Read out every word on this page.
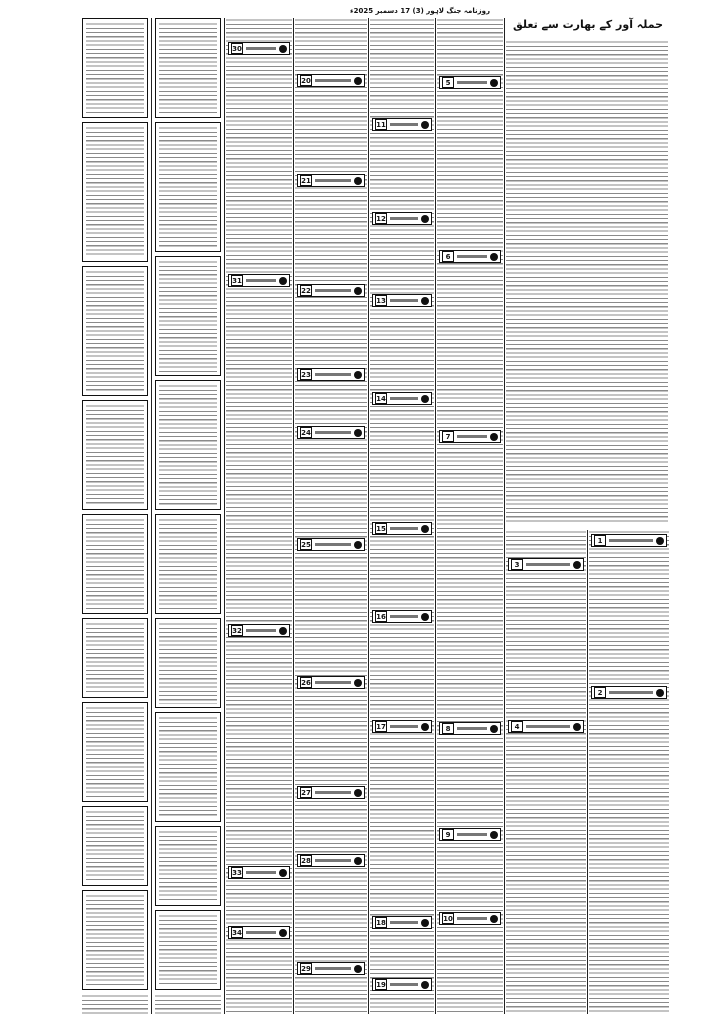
روزنامہ جنگ لاہور (3) 17 دسمبر 2025ء
30
31
32
33
34
20
21
22
23
24
25
26
27
28
29
11
12
13
14
15
16
17
18
19
5
6
7
8
9
10
حملہ آور کے بھارت سے تعلق
3
4
1
2
